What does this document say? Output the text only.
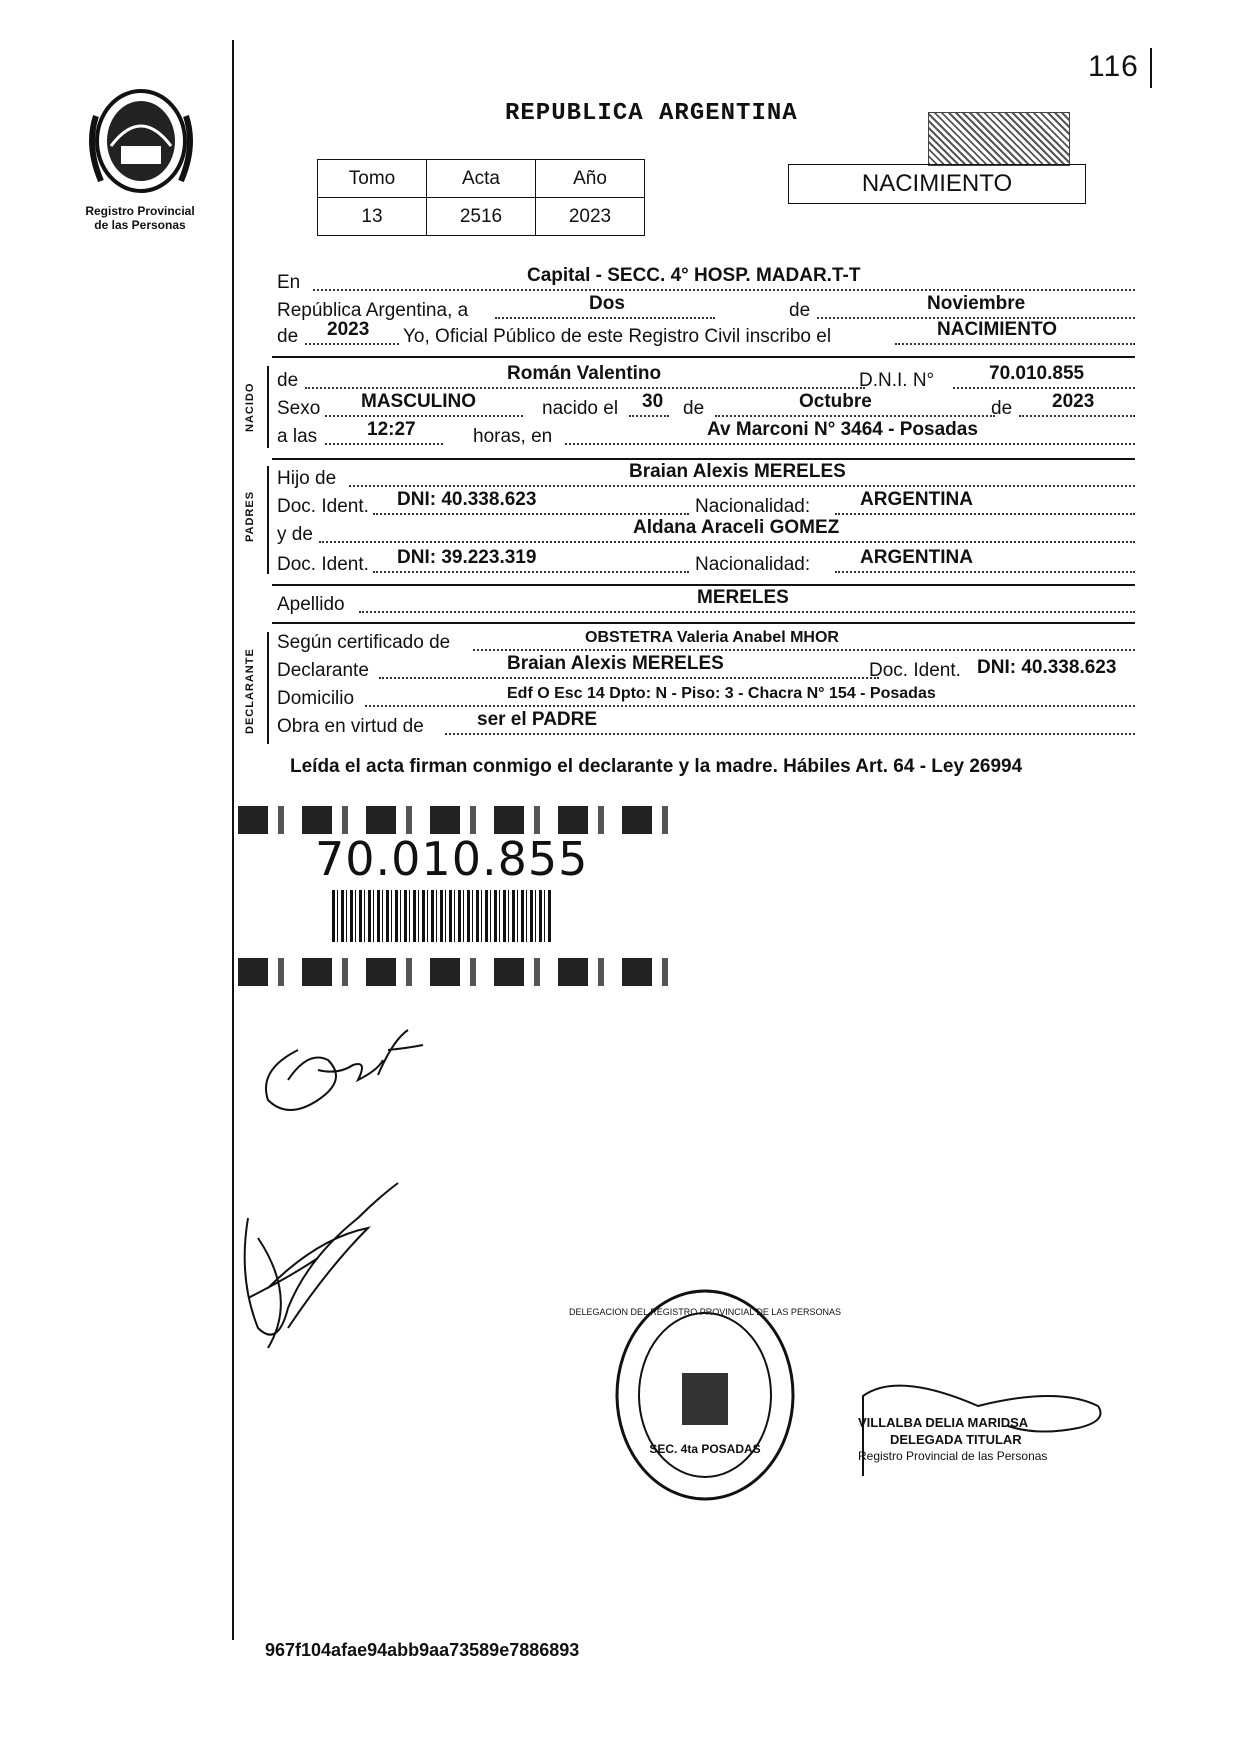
116
Registro Provincial
de las Personas
REPUBLICA ARGENTINA
Tomo	Acta	Año
13	2516	2023
NACIMIENTO
En	Capital - SECC. 4° HOSP. MADAR.T-T
República Argentina, a	Dos	de	Noviembre
de 2023 Yo, Oficial Público de este Registro Civil inscribo el	NACIMIENTO
NACIDO
de	Román Valentino	D.N.I. N°	70.010.855
Sexo MASCULINO	nacido el 30 de	Octubre	de 2023
a las	12:27	horas, en	Av Marconi N° 3464 - Posadas
PADRES
Hijo de	Braian Alexis MERELES
Doc. Ident. DNI: 40.338.623	Nacionalidad:	ARGENTINA
y de	Aldana Araceli GOMEZ
Doc. Ident. DNI: 39.223.319	Nacionalidad:	ARGENTINA
Apellido	MERELES
DECLARANTE
Según certificado de	OBSTETRA Valeria Anabel MHOR
Declarante	Braian Alexis MERELES	Doc. Ident. DNI: 40.338.623
Domicilio	Edf O Esc 14 Dpto: N - Piso: 3 - Chacra N° 154 - Posadas
Obra en virtud de	ser el PADRE
Leída el acta firman conmigo el declarante y la madre. Hábiles Art. 64 - Ley 26994
70.010.855
DELEGACION DEL REGISTRO PROVINCIAL DE LAS PERSONAS
SEC. 4ta POSADAS
VILLALBA DELIA MARIDSA
DELEGADA TITULAR
Registro Provincial de las Personas
967f104afae94abb9aa73589e7886893
